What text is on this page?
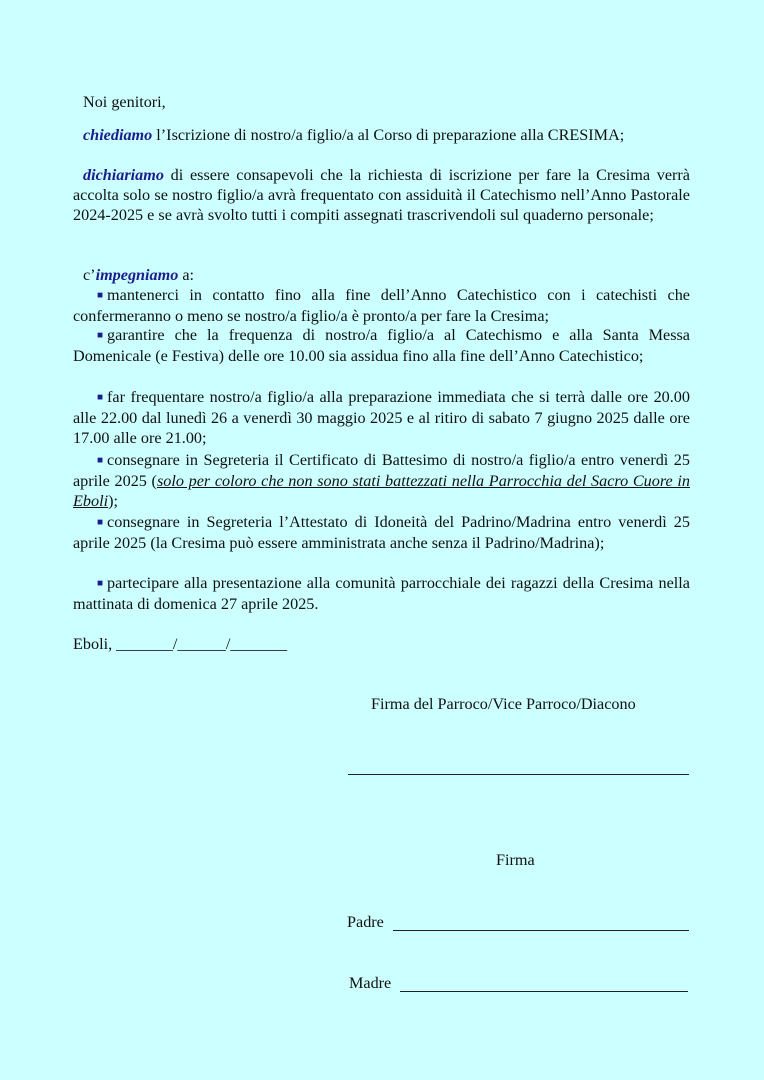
Noi genitori,

chiediamo l’Iscrizione di nostro/a figlio/a al Corso di preparazione alla CRESIMA;

dichiariamo di essere consapevoli che la richiesta di iscrizione per fare la Cresima verrà accolta solo se nostro figlio/a avrà frequentato con assiduità il Catechismo nell’Anno Pastorale 2024-2025 e se avrà svolto tutti i compiti assegnati trascrivendoli sul quaderno personale;

c’impegniamo a:

■ mantenerci in contatto fino alla fine dell’Anno Catechistico con i catechisti che confermeranno o meno se nostro/a figlio/a è pronto/a per fare la Cresima;

■ garantire che la frequenza di nostro/a figlio/a al Catechismo e alla Santa Messa Domenicale (e Festiva) delle ore 10.00 sia assidua fino alla fine dell’Anno Catechistico;

■ far frequentare nostro/a figlio/a alla preparazione immediata che si terrà dalle ore 20.00 alle 22.00 dal lunedì 26 a venerdì 30 maggio 2025 e al ritiro di sabato 7 giugno 2025 dalle ore 17.00 alle ore 21.00;

■ consegnare in Segreteria il Certificato di Battesimo di nostro/a figlio/a entro venerdì 25 aprile 2025 (solo per coloro che non sono stati battezzati nella Parrocchia del Sacro Cuore in Eboli);

■ consegnare in Segreteria l’Attestato di Idoneità del Padrino/Madrina entro venerdì 25 aprile 2025 (la Cresima può essere amministrata anche senza il Padrino/Madrina);

■ partecipare alla presentazione alla comunità parrocchiale dei ragazzi della Cresima nella mattinata di domenica 27 aprile 2025.

Eboli, _______/______/_______
Firma del Parroco/Vice Parroco/Diacono
Firma
Padre
Madre
